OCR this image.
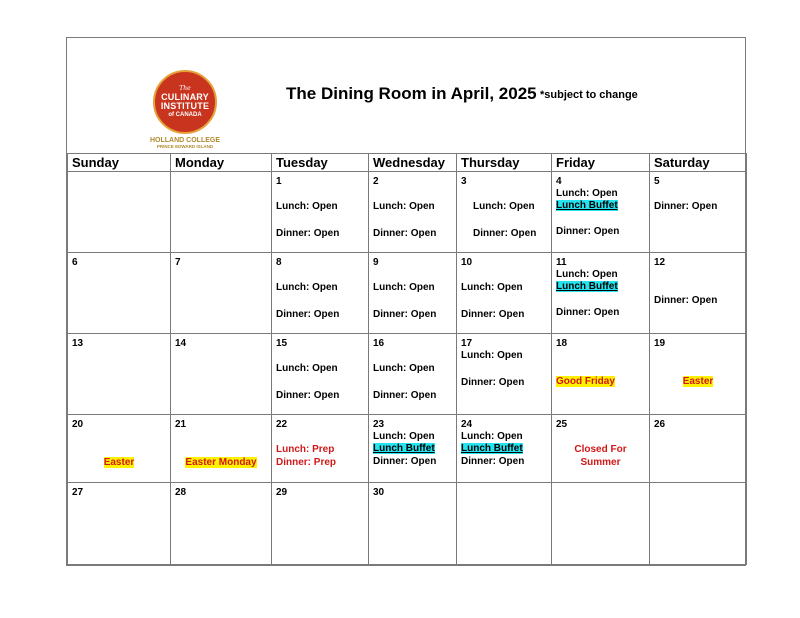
The
CULINARY
INSTITUTE
of CANADA
HOLLAND COLLEGE
PRINCE EDWARD ISLAND
The Dining Room in April, 2025 *subject to change
Sunday	Monday	Tuesday	Wednesday	Thursday	Friday	Saturday

		1
Lunch: Open
Dinner: Open	2
Lunch: Open
Dinner: Open	3
Lunch: Open
Dinner: Open	4
Lunch: Open
Lunch Buffet
Dinner: Open	5
Dinner: Open

6	7	8
Lunch: Open
Dinner: Open	9
Lunch: Open
Dinner: Open	10
Lunch: Open
Dinner: Open	11
Lunch: Open
Lunch Buffet
Dinner: Open	12
Dinner: Open

13	14	15
Lunch: Open
Dinner: Open	16
Lunch: Open
Dinner: Open	17
Lunch: Open
Dinner: Open	18
Good Friday	19
Easter

20
Easter	21
Easter Monday	22
Lunch: Prep
Dinner: Prep	23
Lunch: Open
Lunch Buffet
Dinner: Open	24
Lunch: Open
Lunch Buffet
Dinner: Open	25
Closed For
Summer	26

27	28	29	30			
